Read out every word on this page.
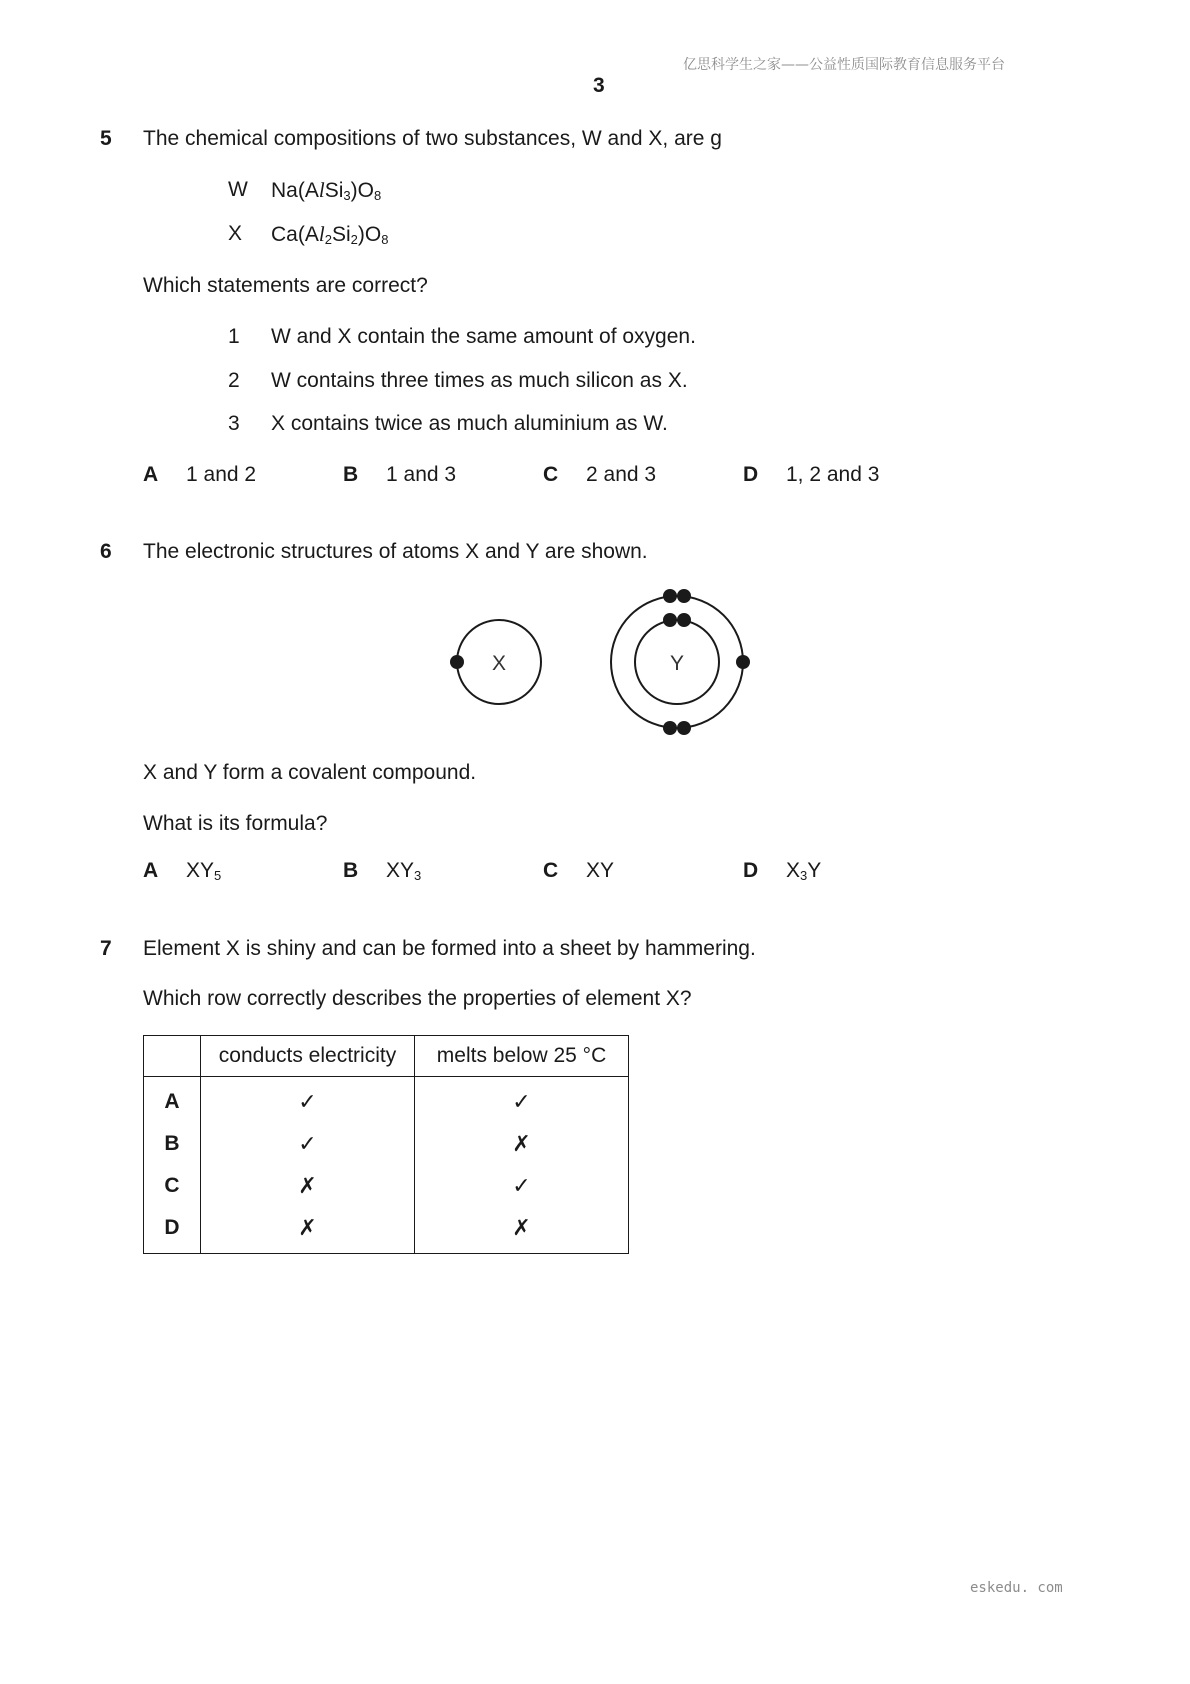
亿思科学生之家——公益性质国际教育信息服务平台
3
5 The chemical compositions of two substances, W and X, are g
W $Na(AlSi_3)O_8$
X $Ca(Al_2Si_2)O_8$
Which statements are correct?
1 W and X contain the same amount of oxygen.
2 W contains three times as much silicon as X.
3 X contains twice as much aluminium as W.
A 1 and 2	B 1 and 3	C 2 and 3	D 1, 2 and 3
6 The electronic structures of atoms X and Y are shown.
X	Y
X and Y form a covalent compound.
What is its formula?
A $XY_5$	B $XY_3$	C XY	D $X_3Y$
7 Element X is shiny and can be formed into a sheet by hammering.
Which row correctly describes the properties of element X?
	conducts electricity	melts below 25 °C
A	✓	✓
B	✓	✗
C	✗	✓
D	✗	✗
eskedu. com
